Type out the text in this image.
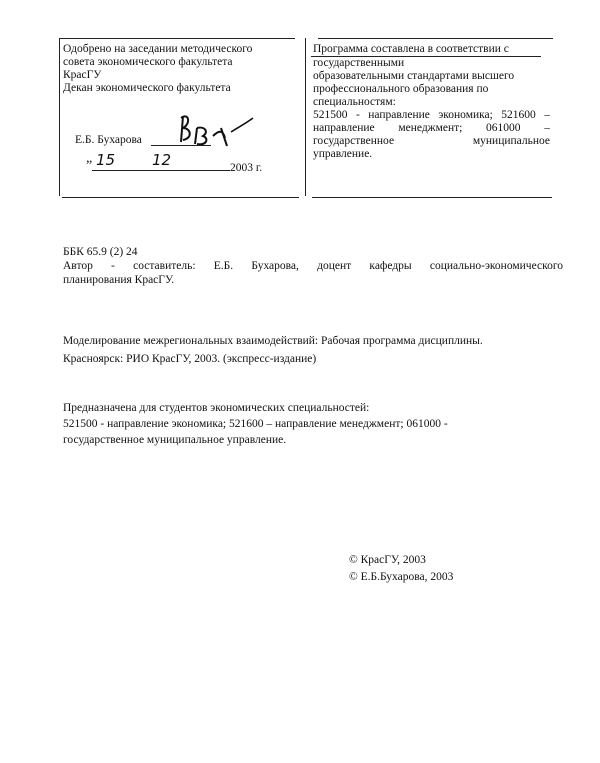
Одобрено на заседании методического
совета экономического факультета
КрасГУ
Декан экономического факультета
Е.Б. Бухарова
„ 15 12	2003 г.
Программа составлена в соответствии с
государственными
образовательными стандартами высшего
профессионального образования по
специальностям:
521500 - направление экономика; 521600 –
направление менеджмент; 061000 –
государственное муниципальное
управление.
ББК 65.9 (2) 24
Автор - составитель: Е.Б. Бухарова, доцент кафедры социально-экономического
планирования КрасГУ.
Моделирование межрегиональных взаимодействий: Рабочая программа дисциплины.
Красноярск: РИО КрасГУ, 2003. (экспресс-издание)
Предназначена для студентов экономических специальностей:
521500 - направление экономика; 521600 – направление менеджмент; 061000 -
государственное муниципальное управление.
© КрасГУ, 2003
© Е.Б.Бухарова, 2003
